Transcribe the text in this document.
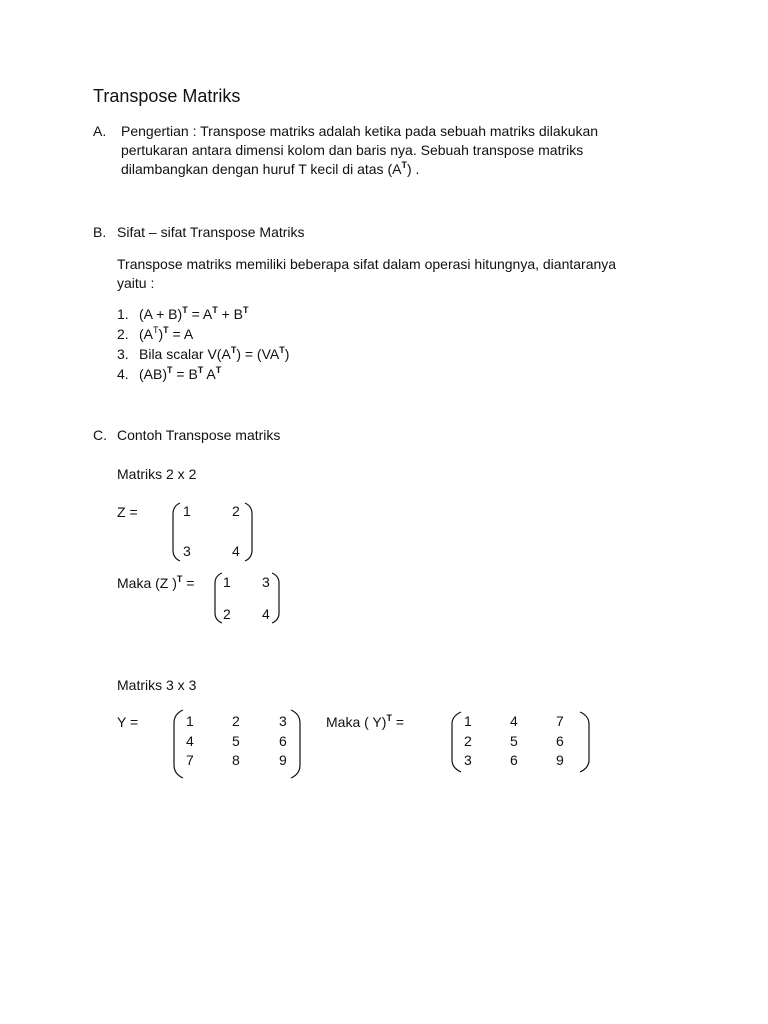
Transpose Matriks
A. Pengertian : Transpose matriks adalah ketika pada sebuah matriks dilakukan
pertukaran antara dimensi kolom dan baris nya. Sebuah transpose matriks
dilambangkan dengan huruf T kecil di atas $(A^T)$ .
B. Sifat – sifat Transpose Matriks
Transpose matriks memiliki beberapa sifat dalam operasi hitungnya, diantaranya
yaitu :
1. $(A + B)^T = A^T + B^T$
2. $(A^T)^T = A$
3. Bila scalar $V(A^T) = (VA^T)$
4. $(AB)^T = B^T$ $A^T$
C. Contoh Transpose matriks
Matriks 2 x 2
Z =	1	2
3	4
Maka (Z )$^T$ = 1 3
2 4
Matriks 3 x 3
Y =	1	2	3
4	5	6
7	8	9
Maka ( Y)$^T$ =	1	4	7
2	5	6
3	6	9
